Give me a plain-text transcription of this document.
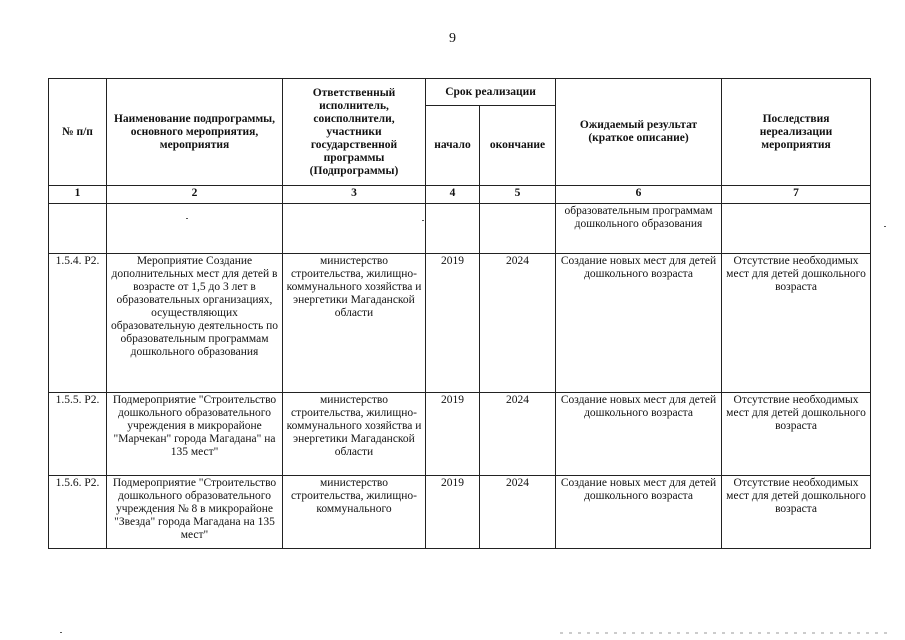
9
№ п/п	Наименование подпрограммы, основного мероприятия, мероприятия	Ответственный исполнитель, соисполнители, участники государственной программы (Подпрограммы)	Срок реализации		Ожидаемый результат (краткое описание)	Последствия нереализации мероприятия
			начало	окончание		
1	2	3	4	5	6	7
					образовательным программам дошкольного образования	
1.5.4. Р2.	Мероприятие Создание дополнительных мест для детей в возрасте от 1,5 до 3 лет в образовательных организациях, осуществляющих образовательную деятельность по образовательным программам дошкольного образования	министерство строительства, жилищно-коммунального хозяйства и энергетики Магаданской области	2019	2024	Создание новых мест для детей дошкольного возраста	Отсутствие необходимых мест для детей дошкольного возраста
1.5.5. Р2.	Подмероприятие "Строительство дошкольного образовательного учреждения в микрорайоне "Марчекан" города Магадана" на 135 мест"	министерство строительства, жилищно-коммунального хозяйства и энергетики Магаданской области	2019	2024	Создание новых мест для детей дошкольного возраста	Отсутствие необходимых мест для детей дошкольного возраста
1.5.6. Р2.	Подмероприятие "Строительство дошкольного образовательного учреждения № 8 в микрорайоне "Звезда" города Магадана на 135 мест"	министерство строительства, жилищно-коммунального	2019	2024	Создание новых мест для детей дошкольного возраста	Отсутствие необходимых мест для детей дошкольного возраста
